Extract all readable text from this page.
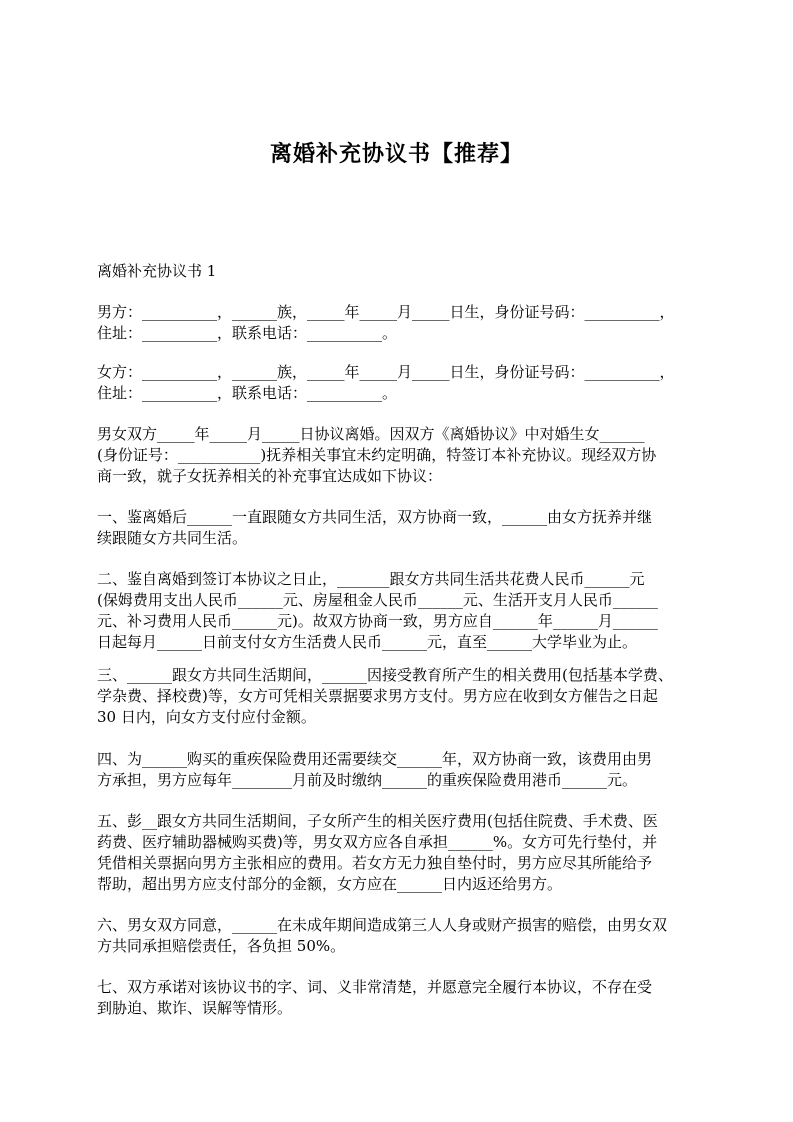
离婚补充协议书【推荐】
离婚补充协议书 1
男方：__________，______族，_____年_____月_____日生，身份证号码：__________，
住址：__________，联系电话：__________。
女方：__________，______族，_____年_____月_____日生，身份证号码：__________，
住址：__________，联系电话：__________。
男女双方_____年_____月_____日协议离婚。因双方《离婚协议》中对婚生女______
(身份证号：___________)抚养相关事宜未约定明确，特签订本补充协议。现经双方协
商一致，就子女抚养相关的补充事宜达成如下协议：
一、鉴离婚后______一直跟随女方共同生活，双方协商一致，______由女方抚养并继
续跟随女方共同生活。
二、鉴自离婚到签订本协议之日止，_______跟女方共同生活共花费人民币______元
(保姆费用支出人民币______元、房屋租金人民币______元、生活开支月人民币______
元、补习费用人民币______元)。故双方协商一致，男方应自______年______月______
日起每月______日前支付女方生活费人民币______元，直至______大学毕业为止。
三、______跟女方共同生活期间，______因接受教育所产生的相关费用(包括基本学费、
学杂费、择校费)等，女方可凭相关票据要求男方支付。男方应在收到女方催告之日起
30 日内，向女方支付应付金额。
四、为______购买的重疾保险费用还需要续交______年，双方协商一致，该费用由男
方承担，男方应每年________月前及时缴纳______的重疾保险费用港币______元。
五、彭__跟女方共同生活期间，子女所产生的相关医疗费用(包括住院费、手术费、医
药费、医疗辅助器械购买费)等，男女双方应各自承担______%。女方可先行垫付，并
凭借相关票据向男方主张相应的费用。若女方无力独自垫付时，男方应尽其所能给予
帮助，超出男方应支付部分的金额，女方应在______日内返还给男方。
六、男女双方同意，______在未成年期间造成第三人人身或财产损害的赔偿，由男女双
方共同承担赔偿责任，各负担 50%。
七、双方承诺对该协议书的字、词、义非常清楚，并愿意完全履行本协议，不存在受
到胁迫、欺诈、误解等情形。
